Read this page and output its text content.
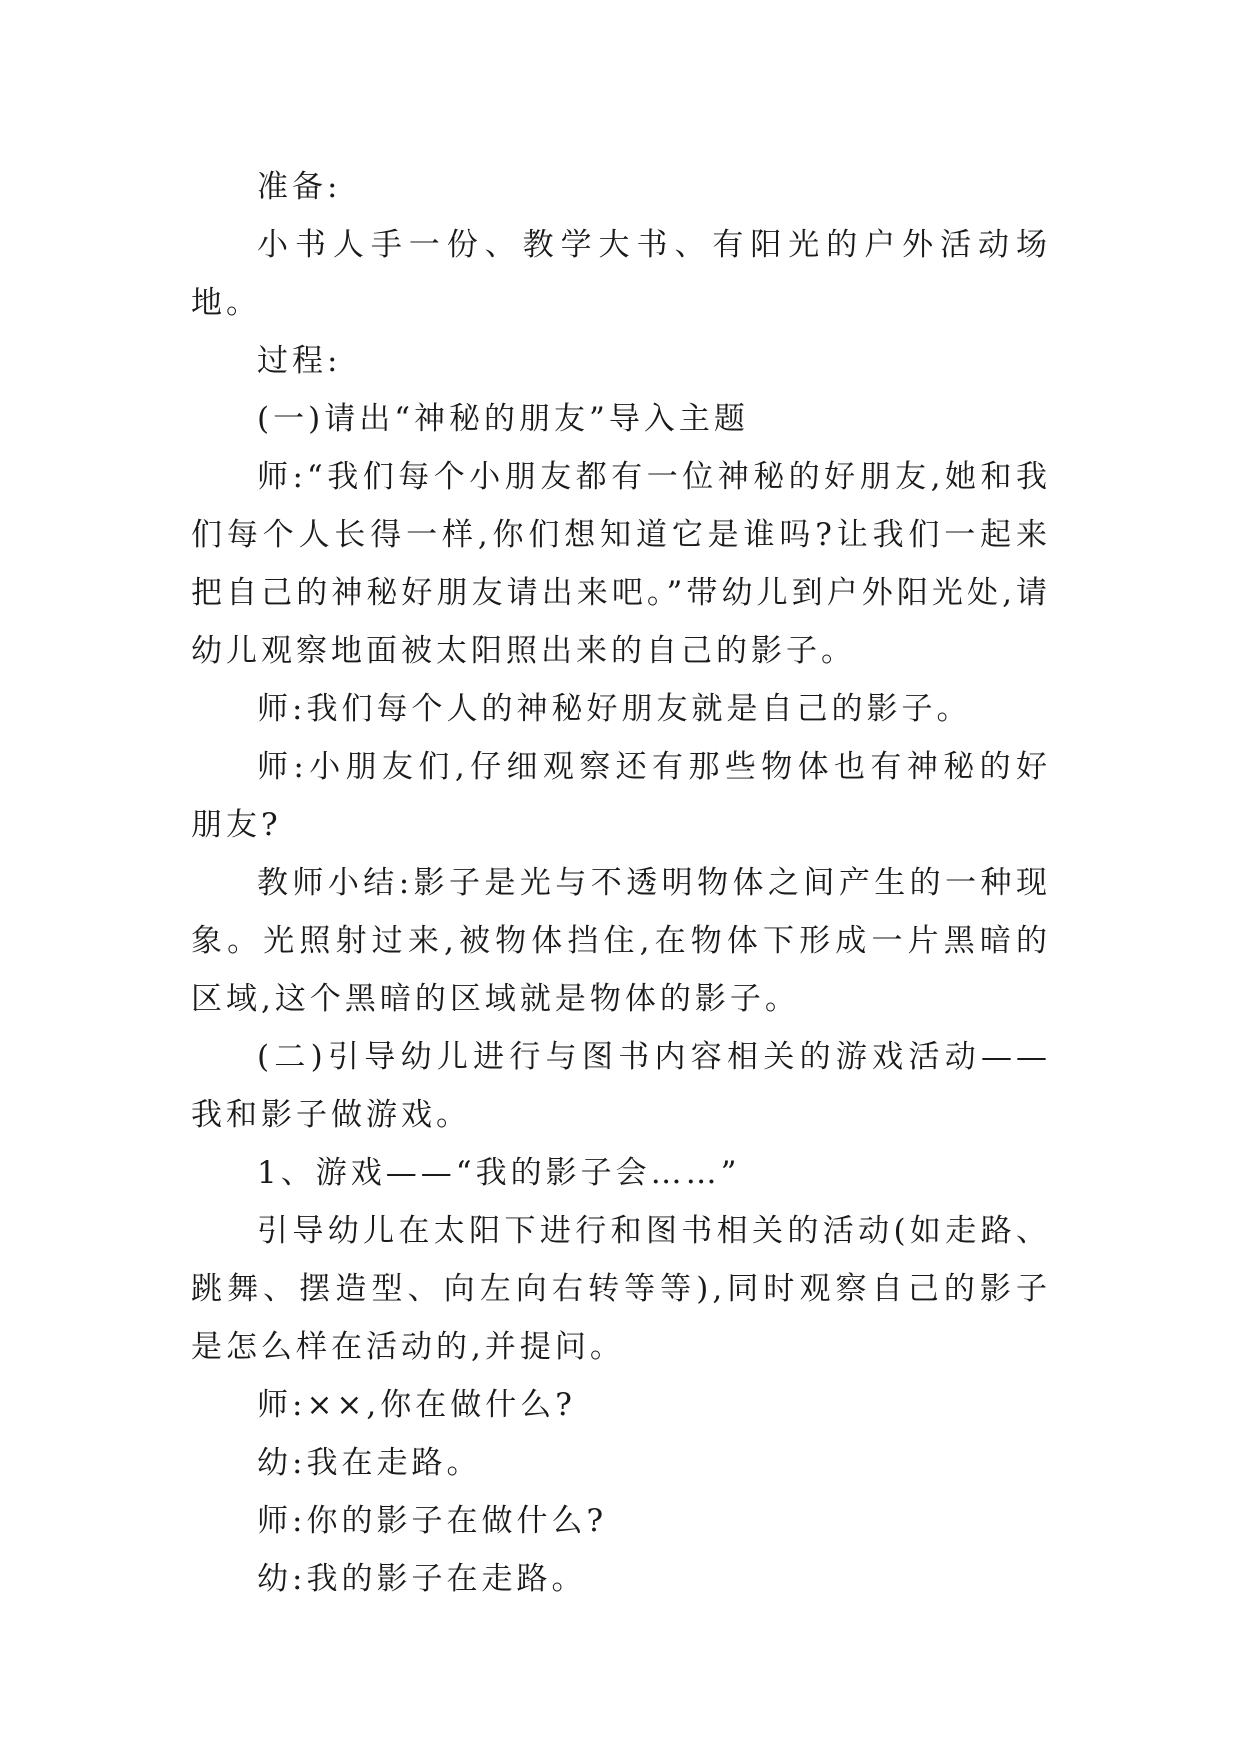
准备:

小书人手一份、教学大书、有阳光的户外活动场地。

过程:

(一)请出“神秘的朋友”导入主题

师:“我们每个小朋友都有一位神秘的好朋友,她和我们每个人长得一样,你们想知道它是谁吗?让我们一起来把自己的神秘好朋友请出来吧。”带幼儿到户外阳光处,请幼儿观察地面被太阳照出来的自己的影子。

师:我们每个人的神秘好朋友就是自己的影子。

师:小朋友们,仔细观察还有那些物体也有神秘的好朋友?

教师小结:影子是光与不透明物体之间产生的一种现象。光照射过来,被物体挡住,在物体下形成一片黑暗的区域,这个黑暗的区域就是物体的影子。

(二)引导幼儿进行与图书内容相关的游戏活动——我和影子做游戏。

1、游戏——“我的影子会……”

引导幼儿在太阳下进行和图书相关的活动(如走路、跳舞、摆造型、向左向右转等等),同时观察自己的影子是怎么样在活动的,并提问。

师:××,你在做什么?

幼:我在走路。

师:你的影子在做什么?

幼:我的影子在走路。
